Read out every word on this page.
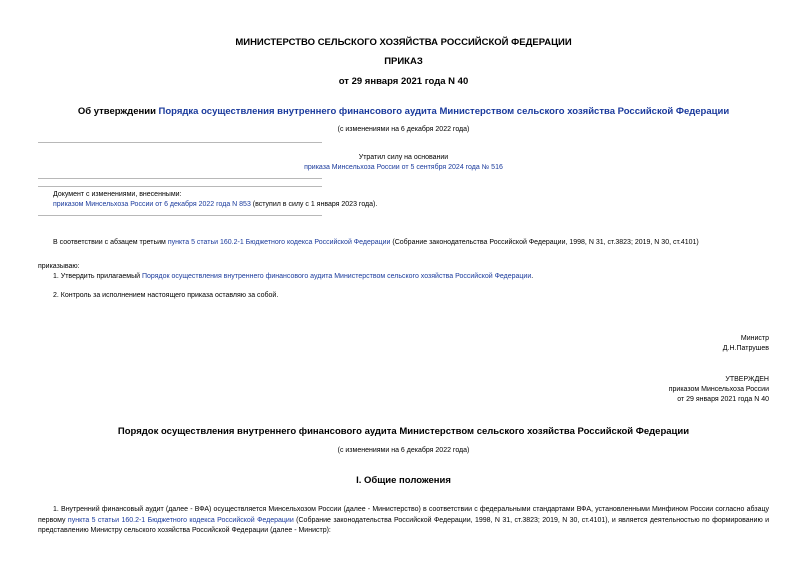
МИНИСТЕРСТВО СЕЛЬСКОГО ХОЗЯЙСТВА РОССИЙСКОЙ ФЕДЕРАЦИИ
ПРИКАЗ
от 29 января 2021 года N 40
Об утверждении Порядка осуществления внутреннего финансового аудита Министерством сельского хозяйства Российской Федерации
(с изменениями на 6 декабря 2022 года)
Утратил силу на основании
приказа Минсельхоза России от 5 сентября 2024 года № 516
Документ с изменениями, внесенными:
приказом Минсельхоза России от 6 декабря 2022 года N 853 (вступил в силу с 1 января 2023 года).
В соответствии с абзацем третьим пункта 5 статьи 160.2-1 Бюджетного кодекса Российской Федерации (Собрание законодательства Российской Федерации, 1998, N 31, ст.3823; 2019, N 30, ст.4101)
приказываю:
1. Утвердить прилагаемый Порядок осуществления внутреннего финансового аудита Министерством сельского хозяйства Российской Федерации.
2. Контроль за исполнением настоящего приказа оставляю за собой.
Министр
Д.Н.Патрушев
УТВЕРЖДЕН
приказом Минсельхоза России
от 29 января 2021 года N 40
Порядок осуществления внутреннего финансового аудита Министерством сельского хозяйства Российской Федерации
(с изменениями на 6 декабря 2022 года)
I. Общие положения
1. Внутренний финансовый аудит (далее - ВФА) осуществляется Минсельхозом России (далее - Министерство) в соответствии с федеральными стандартами ВФА, установленными Минфином России согласно абзацу первому пункта 5 статьи 160.2-1 Бюджетного кодекса Российской Федерации (Собрание законодательства Российской Федерации, 1998, N 31, ст.3823; 2019, N 30, ст.4101), и является деятельностью по формированию и представлению Министру сельского хозяйства Российской Федерации (далее - Министр):
